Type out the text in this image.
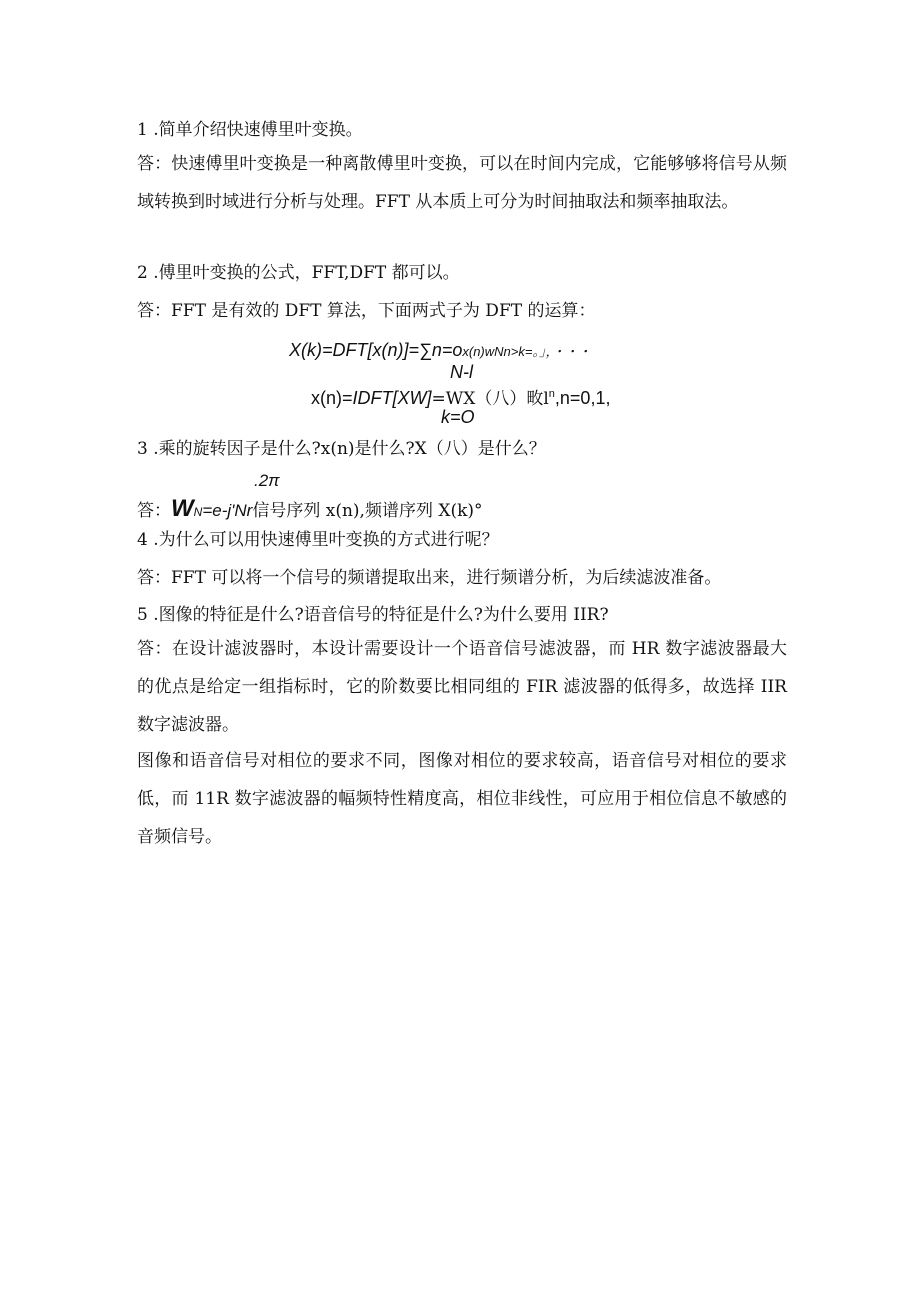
1 .简单介绍快速傅里叶变换。
答：快速傅里叶变换是一种离散傅里叶变换，可以在时间内完成，它能够够将信号从频域转换到时域进行分析与处理。FFT 从本质上可分为时间抽取法和频率抽取法。
2 .傅里叶变换的公式，FFT,DFT 都可以。
答：FFT 是有效的 DFT 算法，下面两式子为 DFT 的运算：
X(k)=DFT[x(n)]=∑n=ox(n)wNn>k=。」，・・・
N-l
x(n)=IDFT[XW]=WX（八）畋$l^n,n=0,1$,
k=O
3 .乘的旋转因子是什么?x(n)是什么?X（八）是什么？
.2π
答：WN=e-j'Nr信号序列 x(n),频谱序列 X(k)°
4 .为什么可以用快速傅里叶变换的方式进行呢？
答：FFT 可以将一个信号的频谱提取出来，进行频谱分析，为后续滤波准备。
5 .图像的特征是什么?语音信号的特征是什么?为什么要用 IIR?
答：在设计滤波器时，本设计需要设计一个语音信号滤波器，而 HR 数字滤波器最大的优点是给定一组指标时，它的阶数要比相同组的 FIR 滤波器的低得多，故选择 IIR 数字滤波器。
图像和语音信号对相位的要求不同，图像对相位的要求较高，语音信号对相位的要求低，而 11R 数字滤波器的幅频特性精度高，相位非线性，可应用于相位信息不敏感的音频信号。
